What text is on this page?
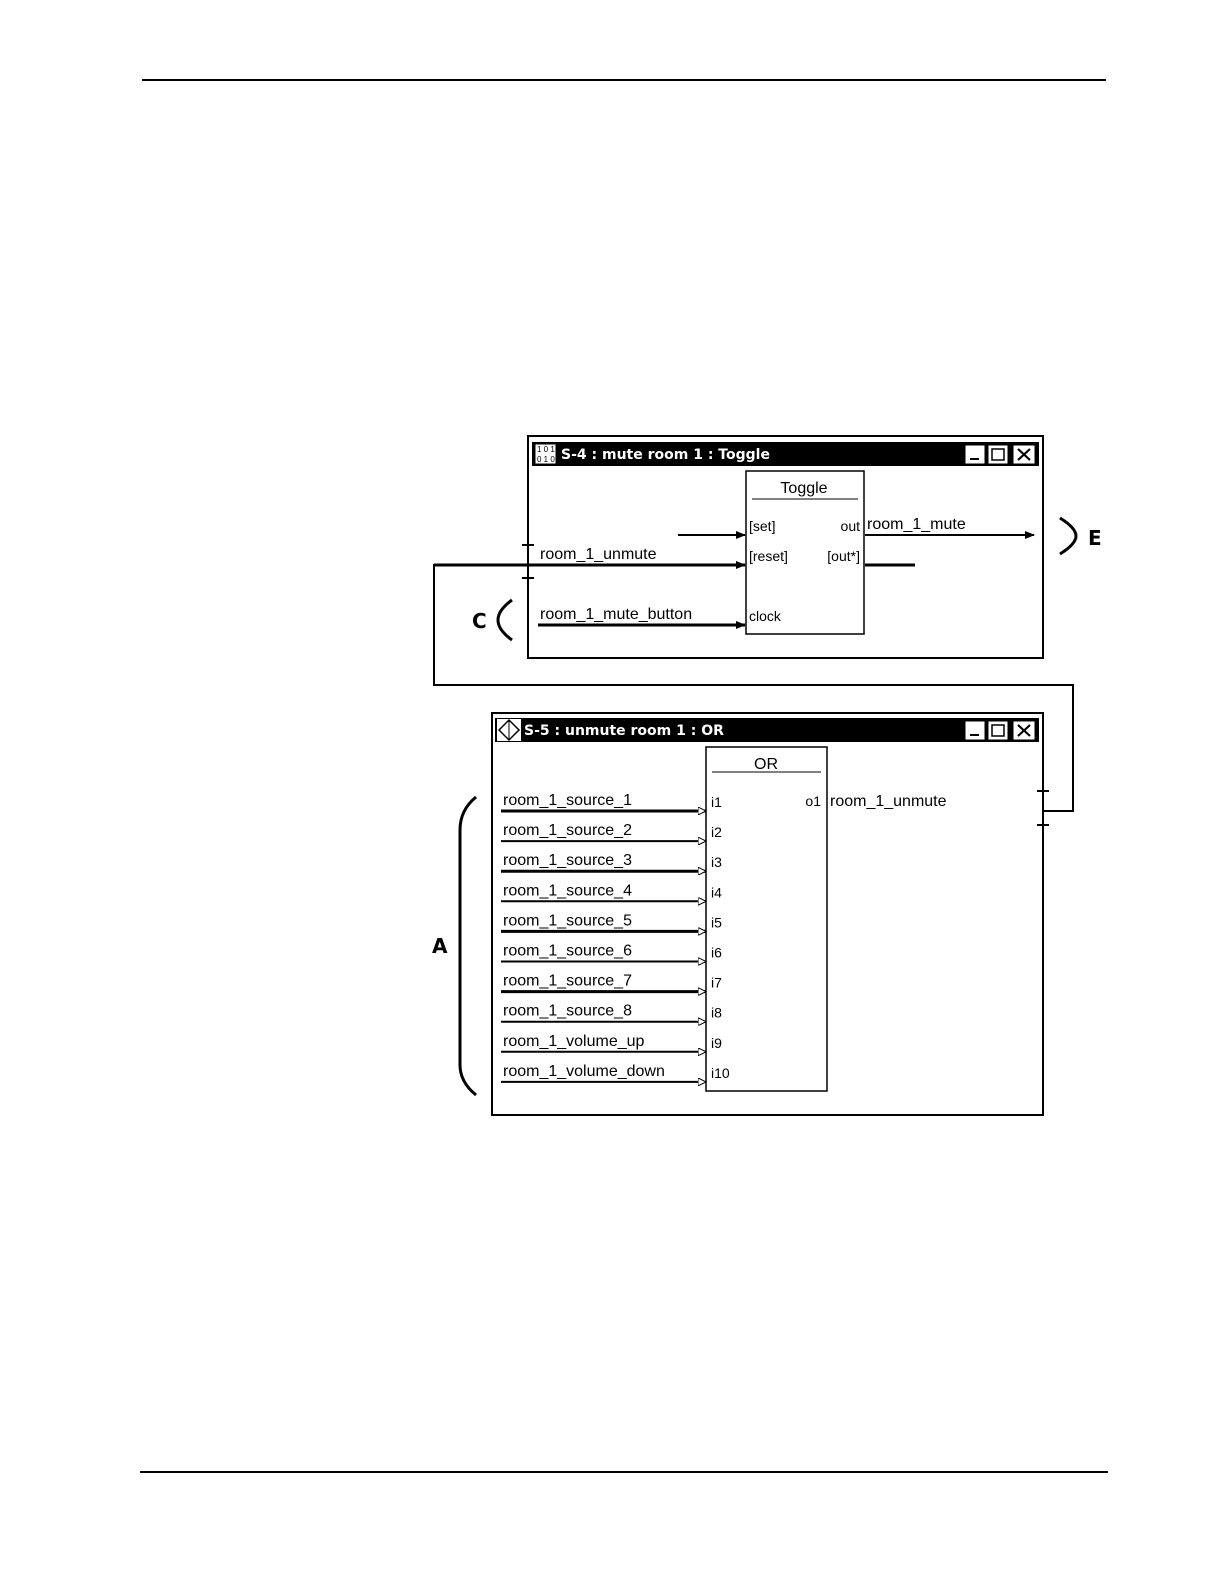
1 0 1
0 1 0 S-4 : mute room 1 : Toggle
Toggle
[set]
[reset]
clock
out
[out*]
room_1_unmute
room_1_mute_button
room_1_mute
S-5 : unmute room 1 : OR
OR
o1 room_1_unmute
room_1_source_1	i1
room_1_source_2	i2
room_1_source_3	i3
room_1_source_4	i4
room_1_source_5	i5
room_1_source_6	i6
room_1_source_7	i7
room_1_source_8	i8
room_1_volume_up	i9
room_1_volume_down	i10
E
C
A
